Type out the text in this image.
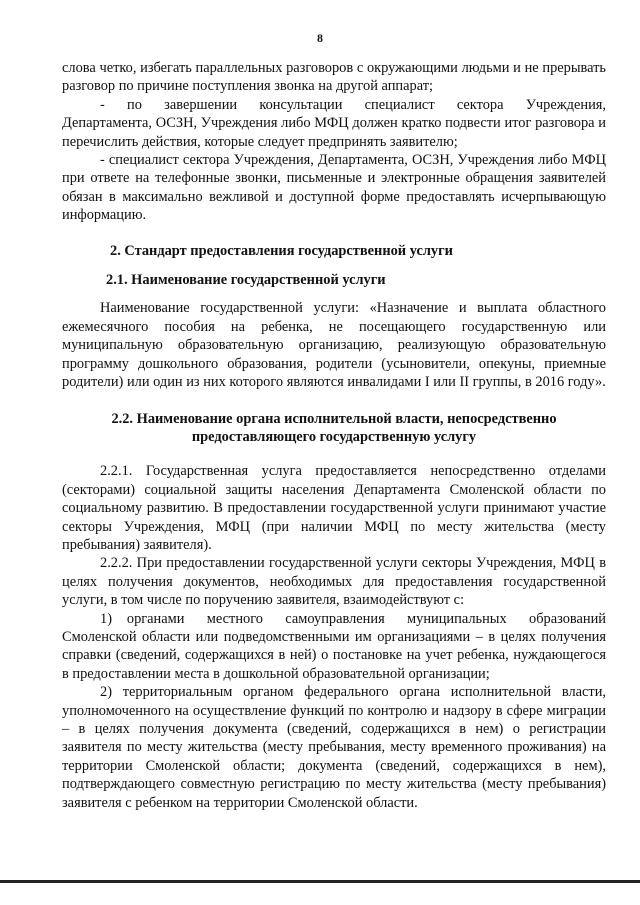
8

слова четко, избегать параллельных разговоров с окружающими людьми и не прерывать разговор по причине поступления звонка на другой аппарат;

-   по   завершении   консультации   специалист   сектора   Учреждения, Департамента, ОСЗН, Учреждения либо МФЦ должен кратко подвести итог разговора и перечислить действия, которые следует предпринять заявителю;

- специалист сектора Учреждения, Департамента, ОСЗН, Учреждения либо МФЦ при ответе на телефонные звонки, письменные и электронные обращения заявителей обязан в максимально вежливой и доступной форме предоставлять исчерпывающую информацию.

2. Стандарт предоставления государственной услуги

2.1. Наименование государственной услуги

Наименование государственной услуги: «Назначение и выплата областного ежемесячного пособия на ребенка, не посещающего государственную или муниципальную образовательную организацию, реализующую образовательную программу дошкольного образования, родители (усыновители, опекуны, приемные родители) или один из них которого являются инвалидами I или II группы, в 2016 году».

2.2. Наименование органа исполнительной власти, непосредственно
предоставляющего государственную услугу

2.2.1. Государственная услуга предоставляется непосредственно отделами (секторами) социальной защиты населения Департамента Смоленской области по социальному развитию. В предоставлении государственной услуги принимают участие секторы Учреждения, МФЦ (при наличии МФЦ по месту жительства (месту пребывания) заявителя).

2.2.2. При предоставлении государственной услуги секторы Учреждения, МФЦ в целях получения документов, необходимых для предоставления государственной услуги, в том числе по поручению заявителя, взаимодействуют с:

1)  органами   местного   самоуправления   муниципальных   образований Смоленской области или подведомственными им организациями – в целях получения справки (сведений, содержащихся в ней) о постановке на учет ребенка, нуждающегося в предоставлении места в дошкольной образовательной организации;

2) территориальным органом федерального органа исполнительной власти, уполномоченного на осуществление функций по контролю и надзору в сфере миграции – в целях получения документа (сведений, содержащихся в нем) о регистрации заявителя по месту жительства (месту пребывания, месту временного проживания) на территории Смоленской области; документа (сведений, содержащихся в нем), подтверждающего совместную регистрацию по месту жительства (месту пребывания) заявителя с ребенком на территории Смоленской области.
